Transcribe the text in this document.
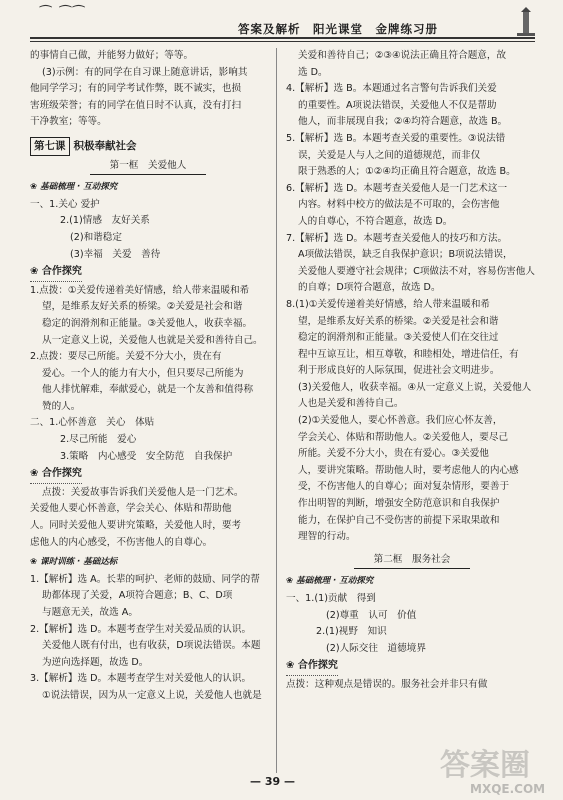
⁀ ⁀⁀
答案及解析　阳光课堂　金牌练习册

的事情自己做，并能努力做好；等等。

(3)示例：有的同学在自习课上随意讲话，影响其

他同学学习；有的同学考试作弊，既不诚实，也损

害班级荣誉；有的同学在值日时不认真，没有打扫

干净教室；等等。

第七课 积极奉献社会
第一框　关爱他人
❀ 基础梳理 · 互动探究

一、1.关心 爱护

2.(1)情感　友好关系

(2)和谐稳定

(3)幸福　关爱　善待

❀ 合作探究

1.点拨：①关爱传递着美好情感，给人带来温暖和希

望，是维系友好关系的桥梁。②关爱是社会和谐

稳定的润滑剂和正能量。③关爱他人，收获幸福。

从一定意义上说，关爱他人也就是关爱和善待自己。

2.点拨：要尽己所能。关爱不分大小，贵在有

爱心。一个人的能力有大小，但只要尽己所能为

他人排忧解难，奉献爱心，就是一个友善和值得称

赞的人。

二、1.心怀善意　关心　体贴

2.尽己所能　爱心

3.策略　内心感受　安全防范　自我保护

❀ 合作探究

点拨：关爱故事告诉我们关爱他人是一门艺术。

关爱他人要心怀善意，学会关心、体贴和帮助他

人。同时关爱他人要讲究策略，关爱他人时，要考

虑他人的内心感受，不伤害他人的自尊心。

❀ 课时训练 · 基础达标

1.【解析】选 A。长辈的呵护、老师的鼓励、同学的帮

助都体现了关爱，A项符合题意；B、C、D项

与题意无关，故选 A。

2.【解析】选 D。本题考查学生对关爱品质的认识。

关爱他人既有付出，也有收获，D项说法错误。本题

为逆向选择题，故选 D。

3.【解析】选 D。本题考查学生对关爱他人的认识。

①说法错误，因为从一定意义上说，关爱他人也就是

关爱和善待自己；②③④说法正确且符合题意，故

选 D。

4.【解析】选 B。本题通过名言警句告诉我们关爱

的重要性。A项说法错误，关爱他人不仅是帮助

他人，而非展现自我；②④均符合题意，故选 B。

5.【解析】选 B。本题考查关爱的重要性。③说法错

误，关爱是人与人之间的道德规范，而非仅

限于熟悉的人；①②④均正确且符合题意，故选 B。

6.【解析】选 D。本题考查关爱他人是一门艺术这一

内容。材料中校方的做法是不可取的，会伤害他

人的自尊心，不符合题意，故选 D。

7.【解析】选 D。本题考查关爱他人的技巧和方法。

A项做法错误，缺乏自我保护意识；B项说法错误，

关爱他人要遵守社会规律；C项做法不对，容易伤害他人

的自尊；D项符合题意，故选 D。

8.(1)①关爱传递着美好情感，给人带来温暖和希

望，是维系友好关系的桥梁。②关爱是社会和谐

稳定的润滑剂和正能量。③关爱使人们在交往过

程中互谅互让，相互尊敬，和睦相处，增进信任，有

利于形成良好的人际氛围，促进社会文明进步。

(3)关爱他人，收获幸福。④从一定意义上说，关爱他人

人也是关爱和善待自己。

(2)①关爱他人，要心怀善意。我们应心怀友善，

学会关心、体贴和帮助他人。②关爱他人，要尽己

所能。关爱不分大小，贵在有爱心。③关爱他

人，要讲究策略。帮助他人时，要考虑他人的内心感

受，不伤害他人的自尊心；面对复杂情形，要善于

作出明智的判断，增强安全防范意识和自我保护

能力，在保护自己不受伤害的前提下采取果敢和

理智的行动。

第二框　服务社会
❀ 基础梳理 · 互动探究

一、1.(1)贡献　得到

(2)尊重　认可　价值

2.(1)视野　知识

(2)人际交往　道德境界

❀ 合作探究

点拨：这种观点是错误的。服务社会并非只有做

— 39 —	答案圈
MXQE.COM
